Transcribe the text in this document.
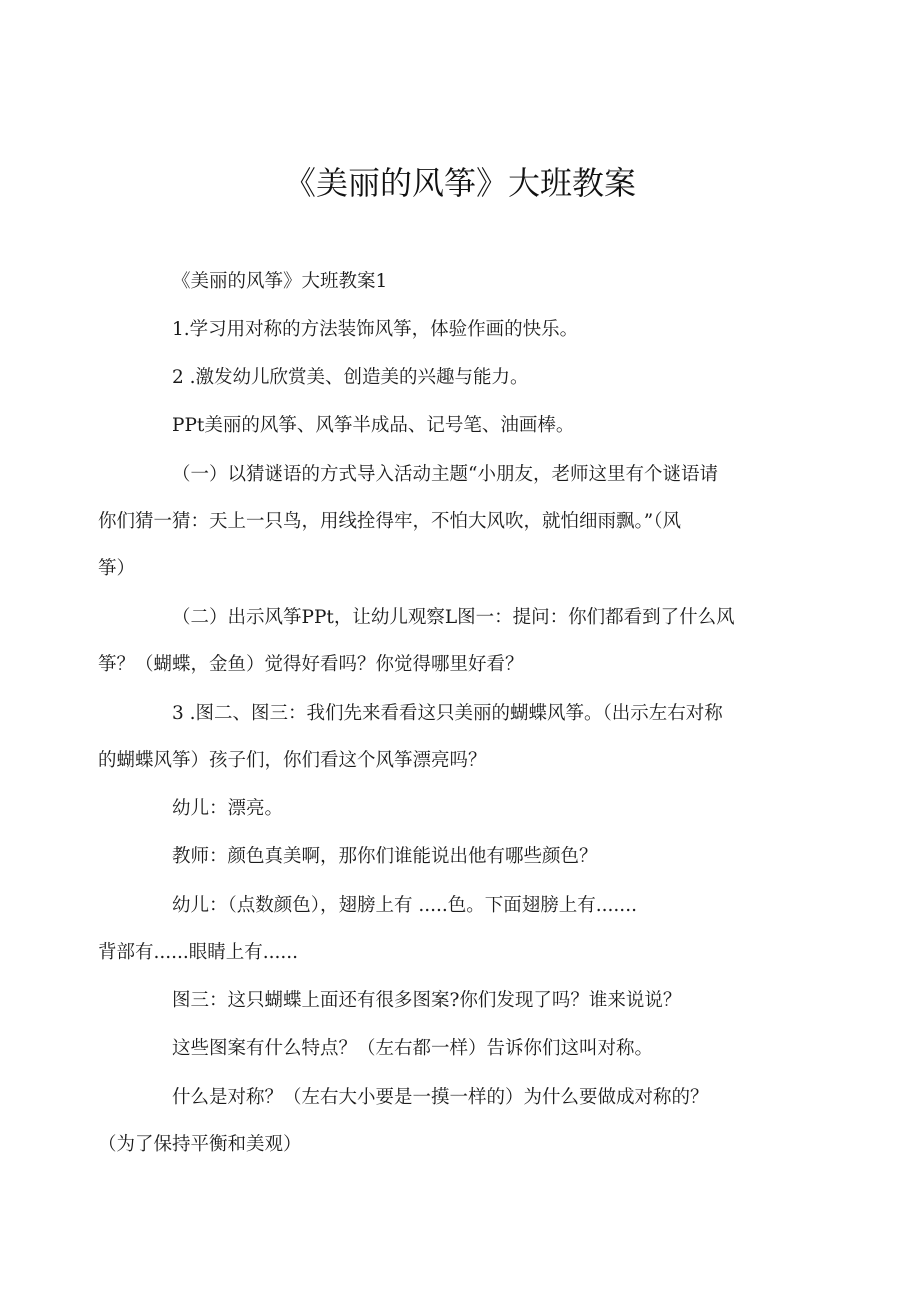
《美丽的风筝》大班教案

《美丽的风筝》大班教案1

1.学习用对称的方法装饰风筝，体验作画的快乐。

2 .激发幼儿欣赏美、创造美的兴趣与能力。

PPt美丽的风筝、风筝半成品、记号笔、油画棒。

（一）以猜谜语的方式导入活动主题“小朋友，老师这里有个谜语请
你们猜一猜：天上一只鸟，用线拴得牢，不怕大风吹，就怕细雨飘。”（风
筝）
（二）出示风筝PPt，让幼儿观察L图一：提问：你们都看到了什么风
筝？（蝴蝶，金鱼）觉得好看吗？你觉得哪里好看？
3 .图二、图三：我们先来看看这只美丽的蝴蝶风筝。（出示左右对称
的蝴蝶风筝）孩子们，你们看这个风筝漂亮吗？

幼儿：漂亮。

教师：颜色真美啊，那你们谁能说出他有哪些颜色？

幼儿：（点数颜色），翅膀上有 .....色。下面翅膀上有.......
背部有......眼睛上有......

图三：这只蝴蝶上面还有很多图案?你们发现了吗？谁来说说？

这些图案有什么特点？（左右都一样）告诉你们这叫对称。

什么是对称？（左右大小要是一摸一样的）为什么要做成对称的？
（为了保持平衡和美观）
